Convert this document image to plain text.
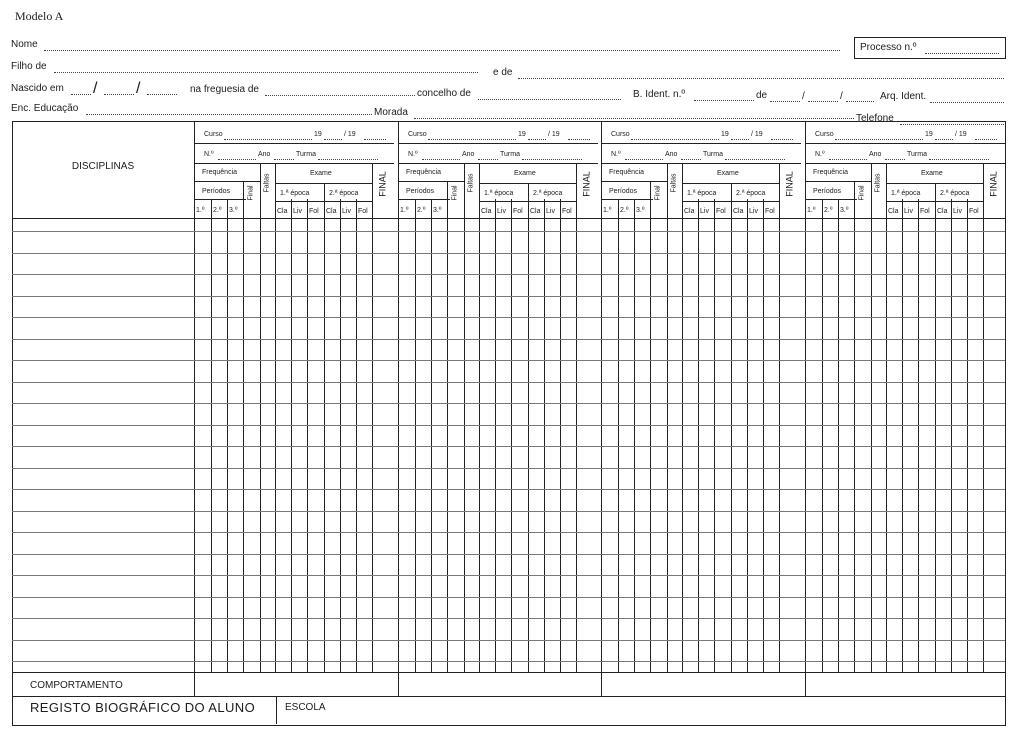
Modelo A
Nome	Processo n.º
Filho de
e de
Nascido em / /	na freguesia de	concelho de	B. Ident. n.º	de	/	/	Arq. Ident.
Enc. Educação	Morada
Telefone
DISCIPLINAS
Curso	19	/ 19
N.º	Ano	Turma
Frequência
Períodos
1.º 2.º 3.º
Final
Faltas	Exame
1.ª época	2.ª época
Cla Liv Fol Cla Liv Fol
FINAL
Curso	19	/ 19
N.º	Ano	Turma
Frequência
Períodos
1.º 2.º 3.º
Final
Faltas	Exame
1.ª época	2.ª época
Cla Liv Fol Cla Liv Fol
FINAL
Curso	19	/ 19
N.º	Ano	Turma
Frequência
Períodos
1.º 2.º 3.º
Final
Faltas	Exame
1.ª época	2.ª época
Cla Liv Fol Cla Liv Fol
FINAL
Curso	19	/ 19
N.º	Ano	Turma
Frequência
Períodos
1.º 2.º 3.º
Final
Faltas	Exame
1.ª época	2.ª época
Cla Liv Fol Cla Liv Fol
FINAL
COMPORTAMENTO
REGISTO BIOGRÁFICO DO ALUNO	ESCOLA
